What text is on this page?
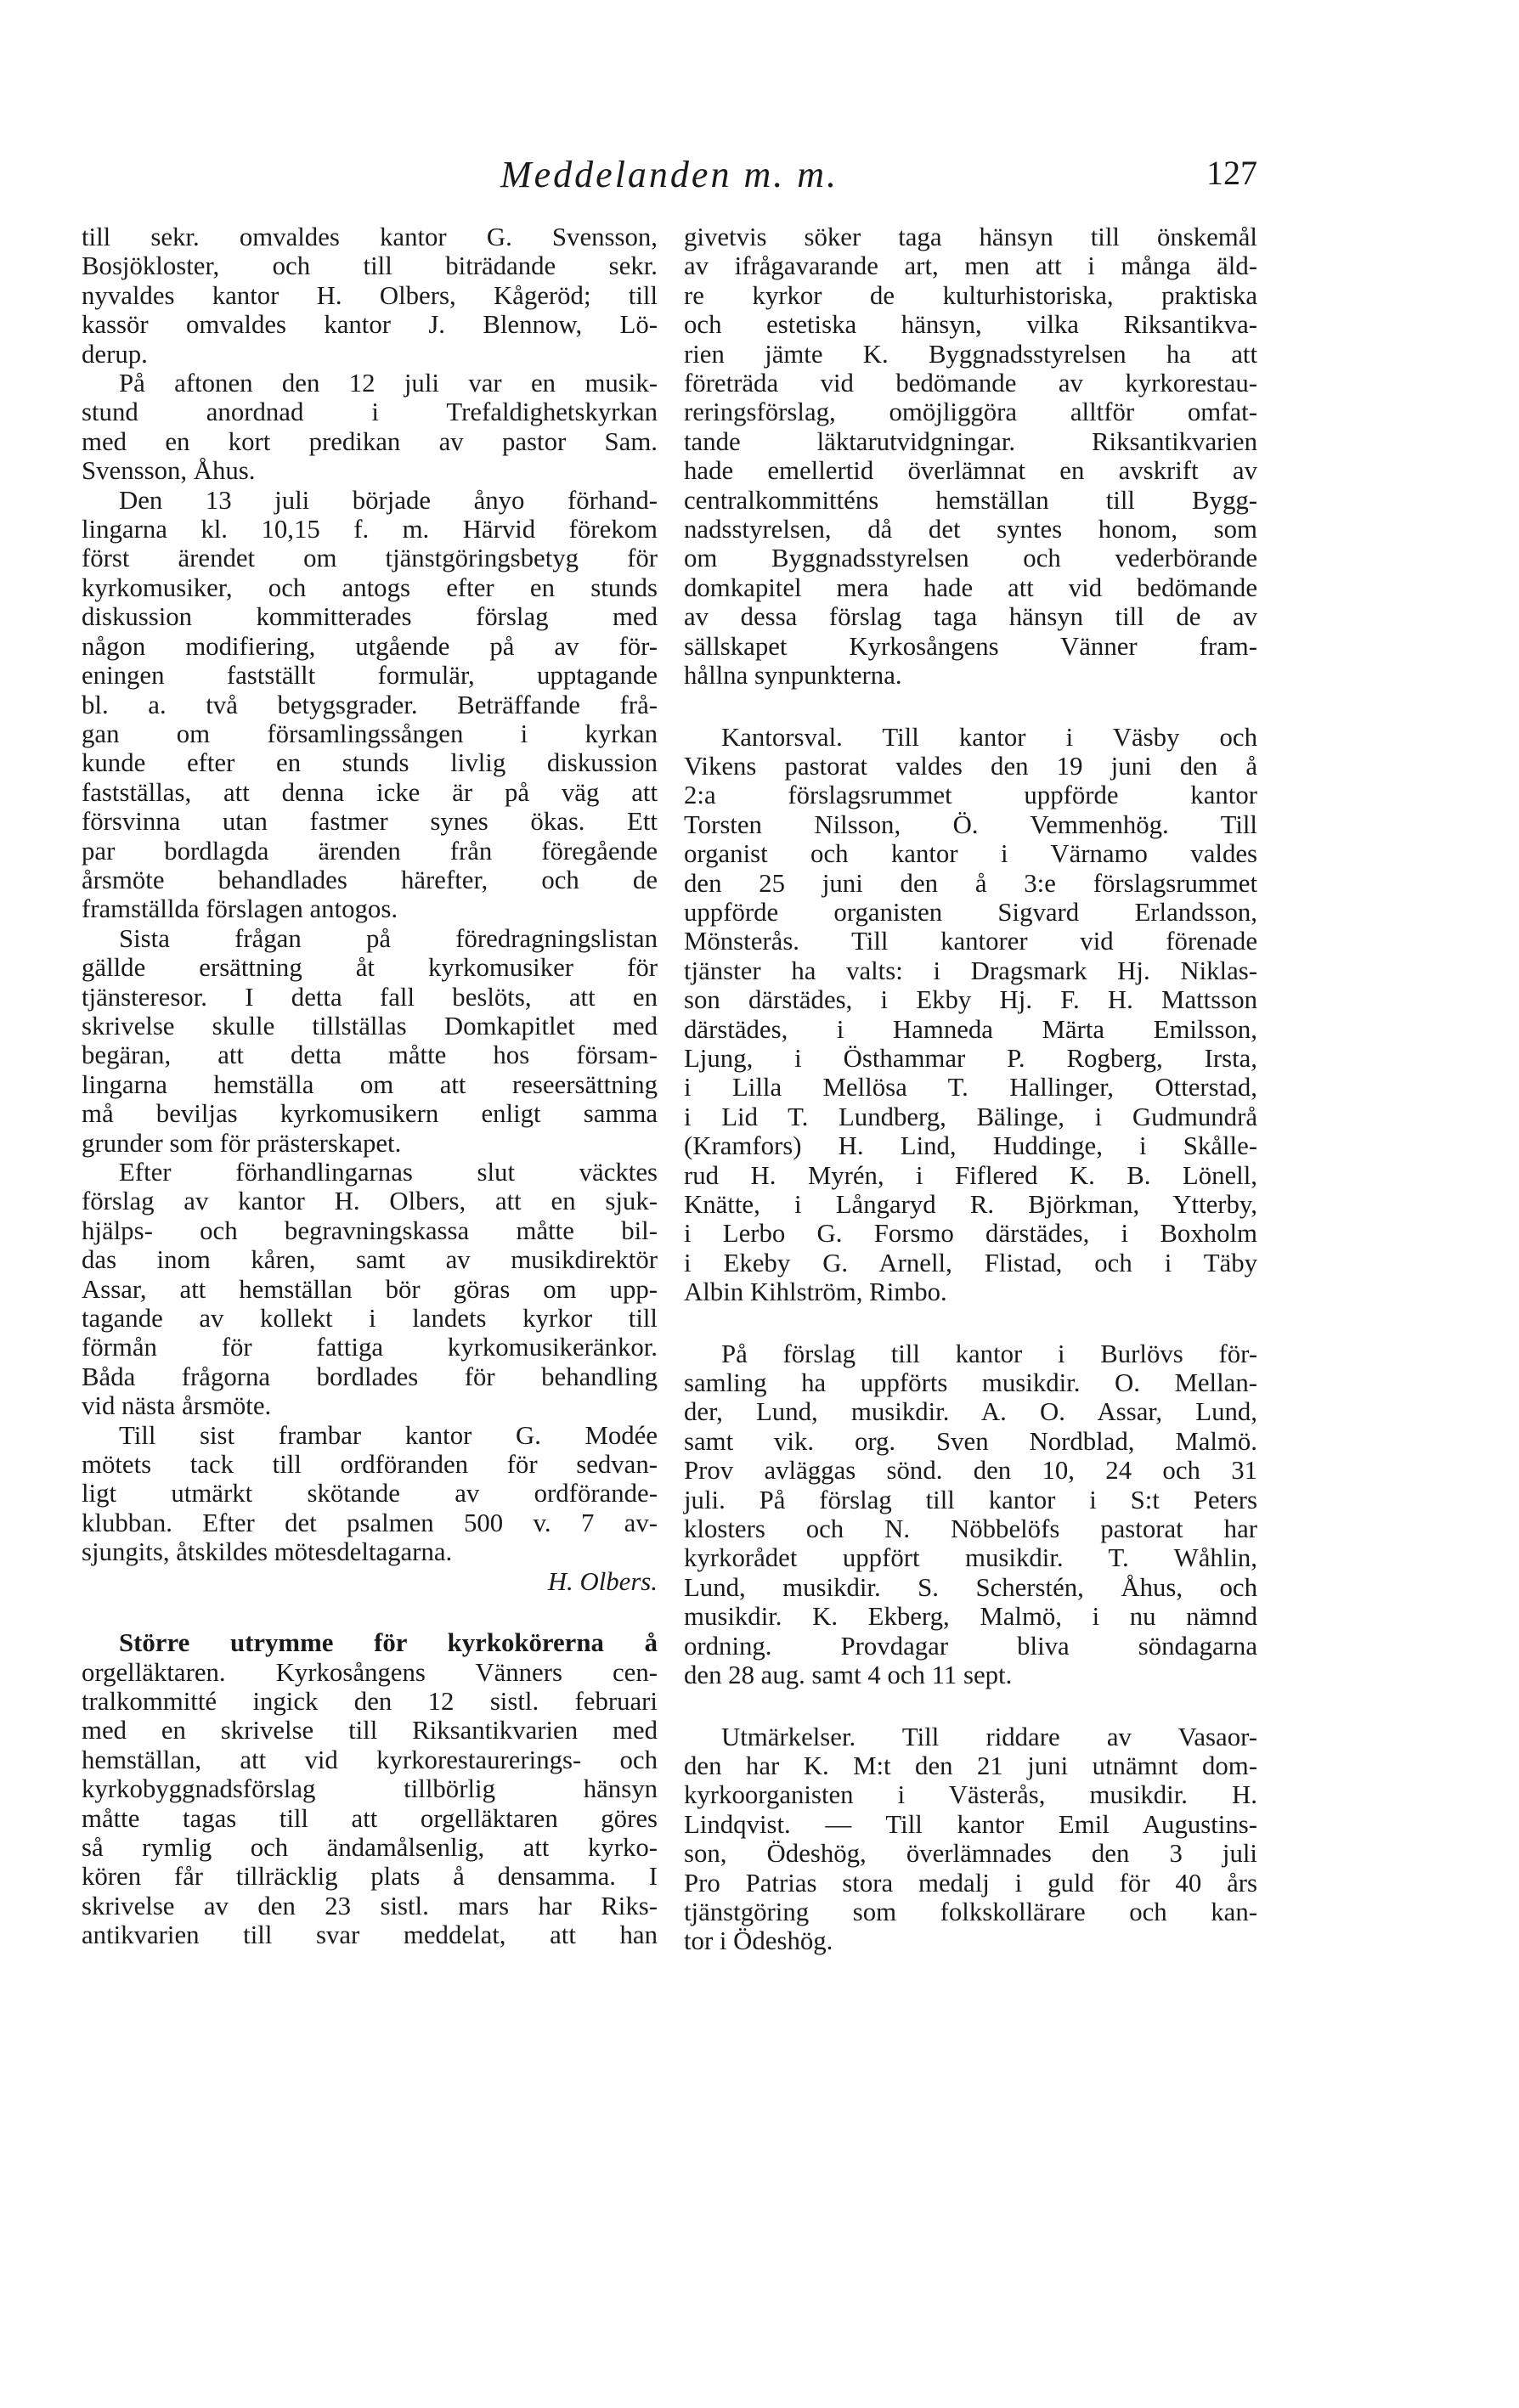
Meddelanden m. m.	127
till sekr. omvaldes kantor G. Svensson,
Bosjökloster, och till biträdande sekr.
nyvaldes kantor H. Olbers, Kågeröd; till
kassör omvaldes kantor J. Blennow, Lö-
derup.
På aftonen den 12 juli var en musik-
stund anordnad i Trefaldighetskyrkan
med en kort predikan av pastor Sam.
Svensson, Åhus.
Den 13 juli började ånyo förhand-
lingarna kl. 10,15 f. m. Härvid förekom
först ärendet om tjänstgöringsbetyg för
kyrkomusiker, och antogs efter en stunds
diskussion kommitterades förslag med
någon modifiering, utgående på av för-
eningen fastställt formulär, upptagande
bl. a. två betygsgrader. Beträffande frå-
gan om församlingssången i kyrkan
kunde efter en stunds livlig diskussion
fastställas, att denna icke är på väg att
försvinna utan fastmer synes ökas. Ett
par bordlagda ärenden från föregående
årsmöte behandlades härefter, och de
framställda förslagen antogos.
Sista frågan på föredragningslistan
gällde ersättning åt kyrkomusiker för
tjänsteresor. I detta fall beslöts, att en
skrivelse skulle tillställas Domkapitlet med
begäran, att detta måtte hos försam-
lingarna hemställa om att reseersättning
må beviljas kyrkomusikern enligt samma
grunder som för prästerskapet.
Efter förhandlingarnas slut väcktes
förslag av kantor H. Olbers, att en sjuk-
hjälps- och begravningskassa måtte bil-
das inom kåren, samt av musikdirektör
Assar, att hemställan bör göras om upp-
tagande av kollekt i landets kyrkor till
förmån för fattiga kyrkomusikeränkor.
Båda frågorna bordlades för behandling
vid nästa årsmöte.
Till sist frambar kantor G. Modée
mötets tack till ordföranden för sedvan-
ligt utmärkt skötande av ordförande-
klubban. Efter det psalmen 500 v. 7 av-
sjungits, åtskildes mötesdeltagarna.
H. Olbers.
Större utrymme för kyrkokörerna å
orgelläktaren. Kyrkosångens Vänners cen-
tralkommitté ingick den 12 sistl. februari
med en skrivelse till Riksantikvarien med
hemställan, att vid kyrkorestaurerings- och
kyrkobyggnadsförslag tillbörlig hänsyn
måtte tagas till att orgelläktaren göres
så rymlig och ändamålsenlig, att kyrko-
kören får tillräcklig plats å densamma. I
skrivelse av den 23 sistl. mars har Riks-
antikvarien till svar meddelat, att han
givetvis söker taga hänsyn till önskemål
av ifrågavarande art, men att i många äld-
re kyrkor de kulturhistoriska, praktiska
och estetiska hänsyn, vilka Riksantikva-
rien jämte K. Byggnadsstyrelsen ha att
företräda vid bedömande av kyrkorestau-
reringsförslag, omöjliggöra alltför omfat-
tande läktarutvidgningar. Riksantikvarien
hade emellertid överlämnat en avskrift av
centralkommitténs hemställan till Bygg-
nadsstyrelsen, då det syntes honom, som
om Byggnadsstyrelsen och vederbörande
domkapitel mera hade att vid bedömande
av dessa förslag taga hänsyn till de av
sällskapet Kyrkosångens Vänner fram-
hållna synpunkterna.
Kantorsval. Till kantor i Väsby och
Vikens pastorat valdes den 19 juni den å
2:a förslagsrummet uppförde kantor
Torsten Nilsson, Ö. Vemmenhög. Till
organist och kantor i Värnamo valdes
den 25 juni den å 3:e förslagsrummet
uppförde organisten Sigvard Erlandsson,
Mönsterås. Till kantorer vid förenade
tjänster ha valts: i Dragsmark Hj. Niklas-
son därstädes, i Ekby Hj. F. H. Mattsson
därstädes, i Hamneda Märta Emilsson,
Ljung, i Östhammar P. Rogberg, Irsta,
i Lilla Mellösa T. Hallinger, Otterstad,
i Lid T. Lundberg, Bälinge, i Gudmundrå
(Kramfors) H. Lind, Huddinge, i Skålle-
rud H. Myrén, i Fiflered K. B. Lönell,
Knätte, i Långaryd R. Björkman, Ytterby,
i Lerbo G. Forsmo därstädes, i Boxholm
i Ekeby G. Arnell, Flistad, och i Täby
Albin Kihlström, Rimbo.
På förslag till kantor i Burlövs för-
samling ha uppförts musikdir. O. Mellan-
der, Lund, musikdir. A. O. Assar, Lund,
samt vik. org. Sven Nordblad, Malmö.
Prov avläggas sönd. den 10, 24 och 31
juli. På förslag till kantor i S:t Peters
klosters och N. Nöbbelöfs pastorat har
kyrkorådet uppfört musikdir. T. Wåhlin,
Lund, musikdir. S. Scherstén, Åhus, och
musikdir. K. Ekberg, Malmö, i nu nämnd
ordning. Provdagar bliva söndagarna
den 28 aug. samt 4 och 11 sept.
Utmärkelser. Till riddare av Vasaor-
den har K. M:t den 21 juni utnämnt dom-
kyrkoorganisten i Västerås, musikdir. H.
Lindqvist. — Till kantor Emil Augustins-
son, Ödeshög, överlämnades den 3 juli
Pro Patrias stora medalj i guld för 40 års
tjänstgöring som folkskollärare och kan-
tor i Ödeshög.
